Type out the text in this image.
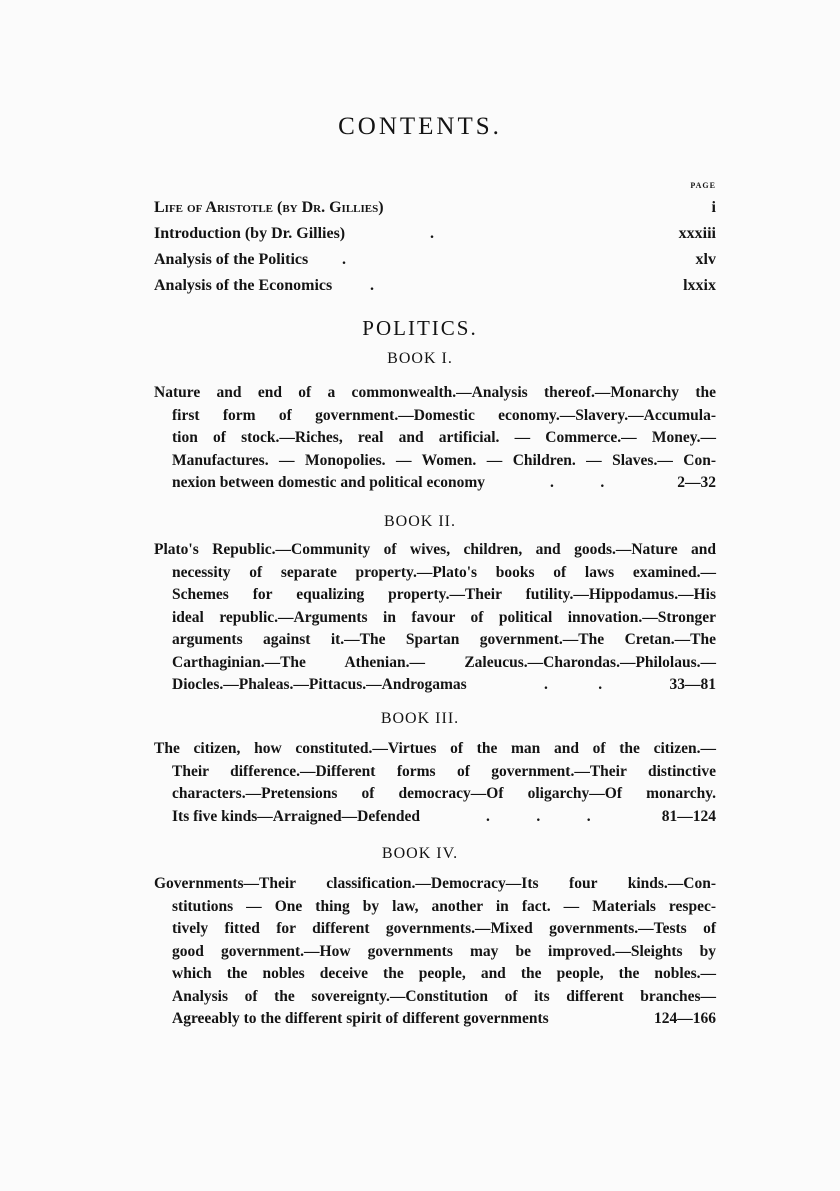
CONTENTS.
PAGE
Life of Aristotle (by Dr. Gillies)	i
Introduction (by Dr. Gillies)	.	xxxiii
Analysis of the Politics .	xlv
Analysis of the Economics .	lxxix
POLITICS.
BOOK I.
Nature and end of a commonwealth.—Analysis thereof.—Monarchy the
first form of government.—Domestic economy.—Slavery.—Accumula-
tion of stock.—Riches, real and artificial. — Commerce.— Money.—
Manufactures. — Monopolies. — Women. — Children. — Slaves.— Con-
nexion between domestic and political economy	.            .	2—32
BOOK II.
Plato's Republic.—Community of wives, children, and goods.—Nature and
necessity of separate property.—Plato's books of laws examined.—
Schemes for equalizing property.—Their futility.—Hippodamus.—His
ideal republic.—Arguments in favour of political innovation.—Stronger
arguments against it.—The Spartan government.—The Cretan.—The
Carthaginian.—The Athenian.— Zaleucus.—Charondas.—Philolaus.—
Diocles.—Phaleas.—Pittacus.—Androgamas	.             .	33—81
BOOK III.
The citizen, how constituted.—Virtues of the man and of the citizen.—
Their difference.—Different forms of government.—Their distinctive
characters.—Pretensions of democracy—Of oligarchy—Of monarchy.
Its five kinds—Arraigned—Defended	.            .            .	81—124
BOOK IV.
Governments—Their classification.—Democracy—Its four kinds.—Con-
stitutions — One thing by law, another in fact. — Materials respec-
tively fitted for different governments.—Mixed governments.—Tests of
good government.—How governments may be improved.—Sleights by
which the nobles deceive the people, and the people, the nobles.—
Analysis of the sovereignty.—Constitution of its different branches—
Agreeably to the different spirit of different governments	124—166
